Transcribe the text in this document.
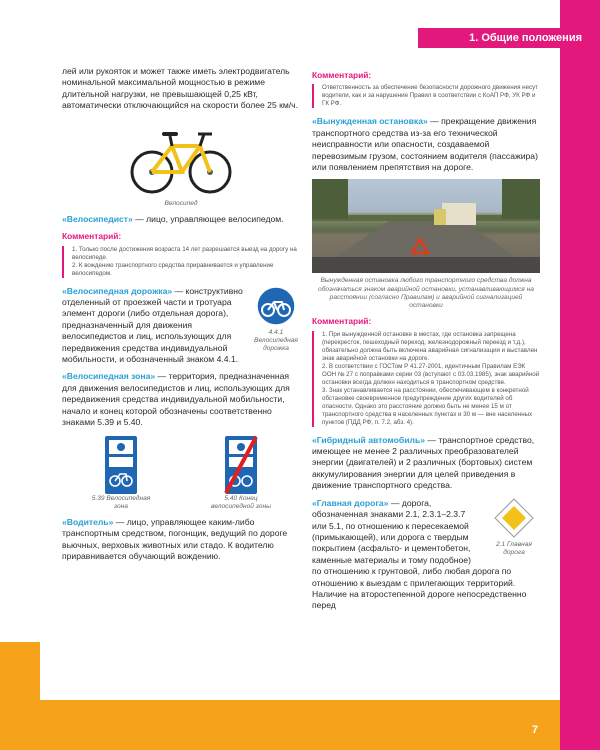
1. Общие положения
7

лей или рукояток и может также иметь электродвигатель номинальной максимальной мощностью в режиме длительной нагрузки, не превышающей 0,25 кВт, автоматически отключающийся на скорости более 25 км/ч.

Велосипед

«Велосипедист» — лицо, управляющее велосипедом.

Комментарий:
1. Только после достижения возраста 14 лет разрешается выезд на дорогу на велосипеде.
2. К вождению транспортного средства приравнивается и управление велосипедом.
4.4.1 Велосипедная дорожка

«Велосипедная дорожка» — конструктивно отделенный от проезжей части и тротуара элемент дороги (либо отдельная дорога), предназначенный для движения велосипедистов и лиц, использующих для передвижения средства индивидуальной мобильности, и обозначенный знаком 4.4.1.

«Велосипедная зона» — территория, предназначенная для движения велосипедистов и лиц, использующих для передвижения средства индивидуальной мобильности, начало и конец которой обозначены соответственно знаками 5.39 и 5.40.

5.39 Велосипедная зона
5.40 Конец велосипедной зоны

«Водитель» — лицо, управляющее каким-либо транспортным средством, погонщик, ведущий по дороге вьючных, верховых животных или стадо. К водителю приравнивается обучающий вождению.

Комментарий:
Ответственность за обеспечение безопасности дорожного движения несут водители, как и за нарушение Правил в соответствии с КоАП РФ, УК РФ и ГК РФ.

«Вынужденная остановка» — прекращение движения транспортного средства из-за его технической неисправности или опасности, создаваемой перевозимым грузом, состоянием водителя (пассажира) или появлением препятствия на дороге.

Вынужденная остановка любого транспортного средства должна обозначаться знаком аварийной остановки, устанавливающимся на расстоянии (согласно Правилам) и аварийной сигнализацией остановки
Комментарий:
1. При вынужденной остановке в местах, где остановка запрещена (перекресток, пешеходный переход, железнодорожный переезд и т.д.), обязательно должна быть включена аварийная сигнализация и выставлен знак аварийной остановки на дороге.
2. В соответствии с ГОСТом Р 41.27-2001, идентичным Правилам ЕЭК ООН № 27 с поправками серии 03 (вступают с 03.03.1985), знак аварийной остановки всегда должен находиться в транспортном средстве.
3. Знак устанавливается на расстоянии, обеспечивающем в конкретной обстановке своевременное предупреждение других водителей об опасности. Однако это расстояние должно быть не менее 15 м от транспортного средства в населенных пунктах и 30 м — вне населенных пунктов (ПДД РФ, п. 7.2, абз. 4).

«Гибридный автомобиль» — транспортное средство, имеющее не менее 2 различных преобразователей энергии (двигателей) и 2 различных (бортовых) систем аккумулирования энергии для целей приведения в движение транспортного средства.

2.1 Главная дорога

«Главная дорога» — дорога, обозначенная знаками 2.1, 2.3.1–2.3.7 или 5.1, по отношению к пересекаемой (примыкающей), или дорога с твердым покрытием (асфальто- и цементобетон, каменные материалы и тому подобное) по отношению к грунтовой, либо любая дорога по отношению к выездам с прилегающих территорий. Наличие на второстепенной дороге непосредственно перед
